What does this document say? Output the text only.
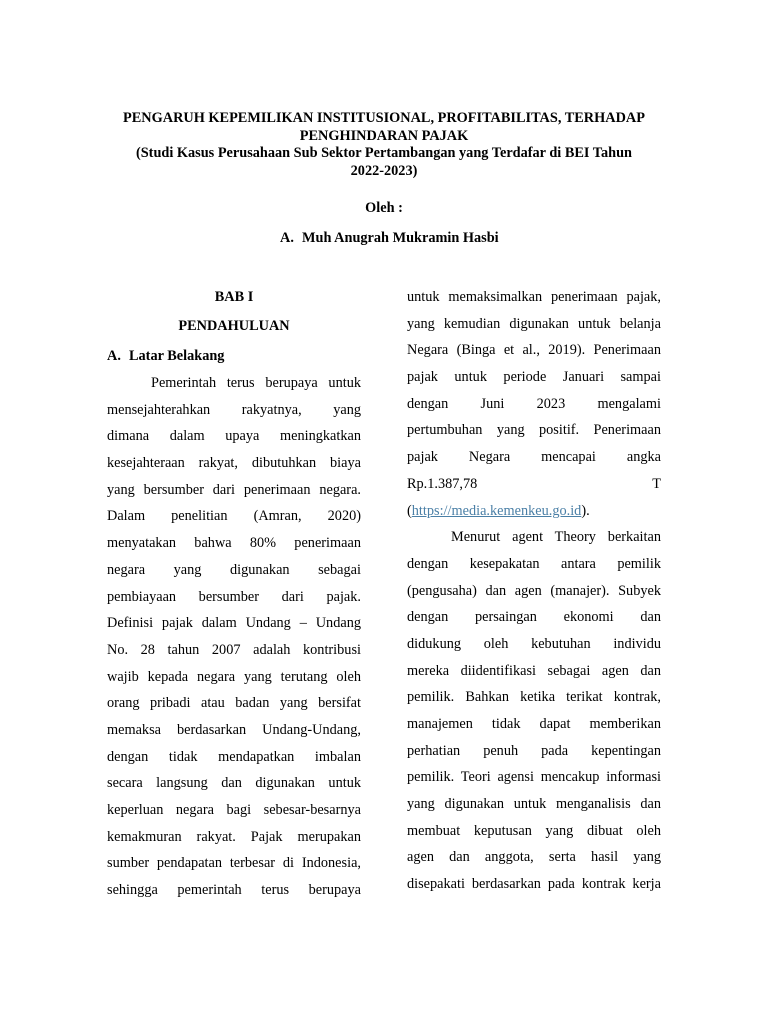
PENGARUH KEPEMILIKAN INSTITUSIONAL, PROFITABILITAS, TERHADAP
PENGHINDARAN PAJAK
(Studi Kasus Perusahaan Sub Sektor Pertambangan yang Terdafar di BEI Tahun
2022-2023)
Oleh :
A. Muh Anugrah Mukramin Hasbi
BAB I
PENDAHULUAN
A. Latar Belakang
Pemerintah terus berupaya untuk
mensejahterahkan rakyatnya, yang
dimana dalam upaya meningkatkan
kesejahteraan rakyat, dibutuhkan biaya
yang bersumber dari penerimaan negara.
Dalam penelitian (Amran, 2020)
menyatakan bahwa 80% penerimaan
negara yang digunakan sebagai
pembiayaan bersumber dari pajak.
Definisi pajak dalam Undang – Undang
No. 28 tahun 2007 adalah kontribusi
wajib kepada negara yang terutang oleh
orang pribadi atau badan yang bersifat
memaksa berdasarkan Undang-Undang,
dengan tidak mendapatkan imbalan
secara langsung dan digunakan untuk
keperluan negara bagi sebesar-besarnya
kemakmuran rakyat. Pajak merupakan
sumber pendapatan terbesar di Indonesia,
sehingga pemerintah terus berupaya
untuk memaksimalkan penerimaan pajak,
yang kemudian digunakan untuk belanja
Negara (Binga et al., 2019). Penerimaan
pajak untuk periode Januari sampai
dengan Juni 2023 mengalami
pertumbuhan yang positif. Penerimaan
pajak Negara mencapai angka
Rp.1.387,78 T
(https://media.kemenkeu.go.id).
Menurut agent Theory berkaitan
dengan kesepakatan antara pemilik
(pengusaha) dan agen (manajer). Subyek
dengan persaingan ekonomi dan
didukung oleh kebutuhan individu
mereka diidentifikasi sebagai agen dan
pemilik. Bahkan ketika terikat kontrak,
manajemen tidak dapat memberikan
perhatian penuh pada kepentingan
pemilik. Teori agensi mencakup informasi
yang digunakan untuk menganalisis dan
membuat keputusan yang dibuat oleh
agen dan anggota, serta hasil yang
disepakati berdasarkan pada kontrak kerja
